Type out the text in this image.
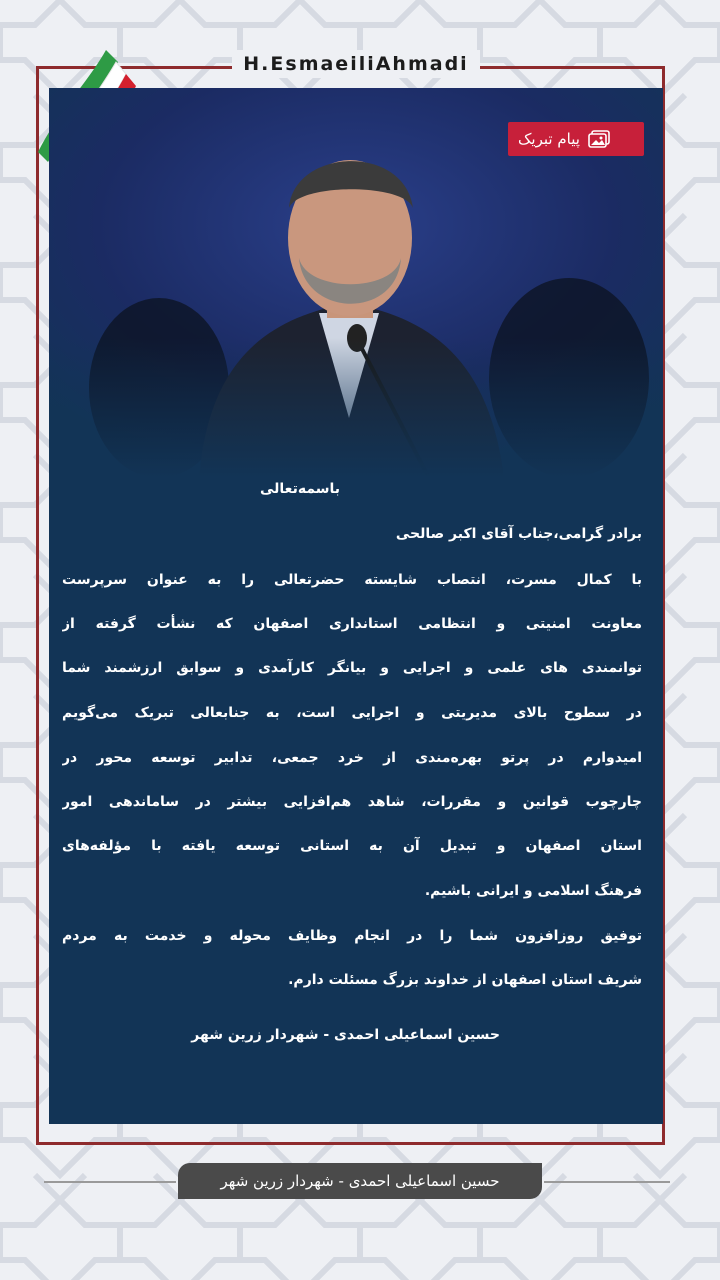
H.EsmaeiliAhmadi
پیام تبریک
باسمه‌تعالی
برادر گرامی،جناب آقای اکبر صالحی
با کمال مسرت، انتصاب شایسته حضرتعالی را به عنوان سرپرست
معاونت امنیتی و انتظامی استانداری اصفهان که نشأت گرفته از
توانمندی های علمی و اجرایی و بیانگر کارآمدی و سوابق ارزشمند شما
در سطوح بالای مدیریتی و اجرایی است، به جنابعالی تبریک می‌گویم
امیدوارم در پرتو بهره‌مندی از خرد جمعی، تدابیر توسعه محور در
چارچوب قوانین و مقررات، شاهد هم‌افزایی بیشتر در ساماندهی امور
استان اصفهان و تبدیل آن به استانی توسعه یافته با مؤلفه‌های
فرهنگ اسلامی و ایرانی باشیم.
توفیق روزافزون شما را در انجام وظایف محوله و خدمت به مردم
شریف استان اصفهان از خداوند بزرگ مسئلت دارم.
حسین اسماعیلی احمدی - شهردار زرین شهر
حسین اسماعیلی احمدی - شهردار زرین شهر
